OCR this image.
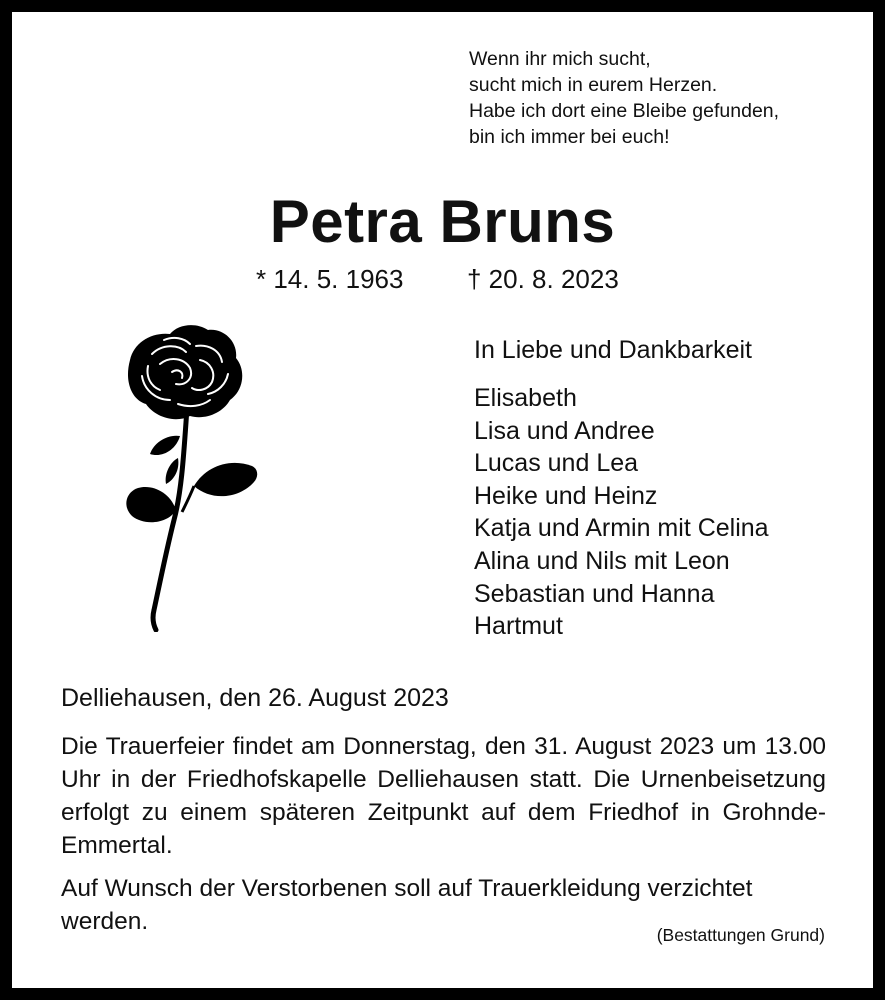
Wenn ihr mich sucht,
sucht mich in eurem Herzen.
Habe ich dort eine Bleibe gefunden,
bin ich immer bei euch!
Petra Bruns
* 14. 5. 1963 † 20. 8. 2023
In Liebe und Dankbarkeit
Elisabeth
Lisa und Andree
Lucas und Lea
Heike und Heinz
Katja und Armin mit Celina
Alina und Nils mit Leon
Sebastian und Hanna
Hartmut
Delliehausen, den 26. August 2023

Die Trauerfeier findet am Donnerstag, den 31. August 2023 um 13.00 Uhr in der Friedhofskapelle Delliehausen statt. Die Urnenbeisetzung erfolgt zu einem späteren Zeitpunkt auf dem Friedhof in Grohnde-Emmertal.

Auf Wunsch der Verstorbenen soll auf Trauerkleidung verzichtet werden.	(Bestattungen Grund)
